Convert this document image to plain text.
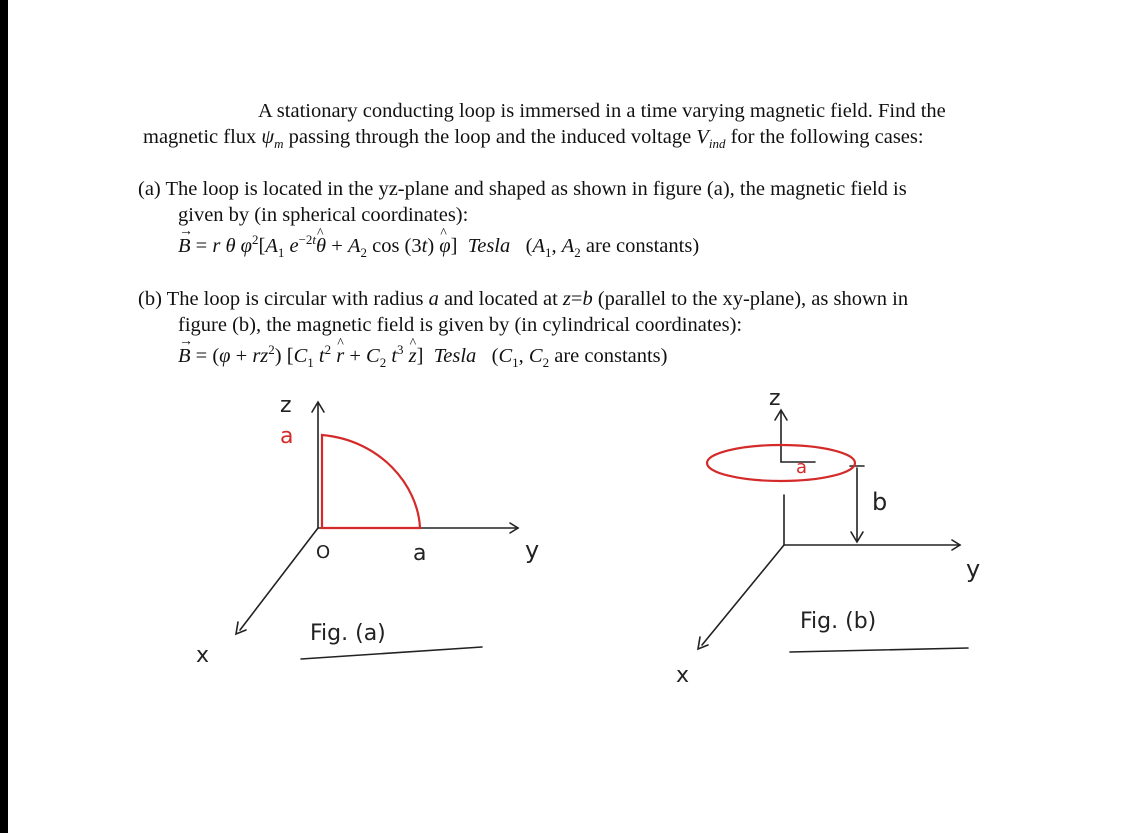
A stationary conducting loop is immersed in a time varying magnetic field. Find the
magnetic flux $\psi_m$ passing through the loop and the induced voltage $V_{ind}$ for the following cases:
(a) The loop is located in the yz-plane and shaped as shown in figure (a), the magnetic field is
given by (in spherical coordinates):
→ B = r θ $\varphi^2[A_1$ $e^{-2t}\^{}$ $\theta + A_2$ cos (3t) ^ φ]  Tesla   ($A_1$, $A_2$ are constants)
(b) The loop is circular with radius a and located at z=b (parallel to the xy-plane), as shown in
figure (b), the magnetic field is given by (in cylindrical coordinates):
→ $B = (\varphi + rz^2)$ [$C_1$ $t^2$ ^ $r + C_2$ $t^3$ ^ z]  Tesla   ($C_1$, $C_2$ are constants)
z
a
O	a	y
x
Fig. (a)
z
a
b
y
x
Fig. (b)
